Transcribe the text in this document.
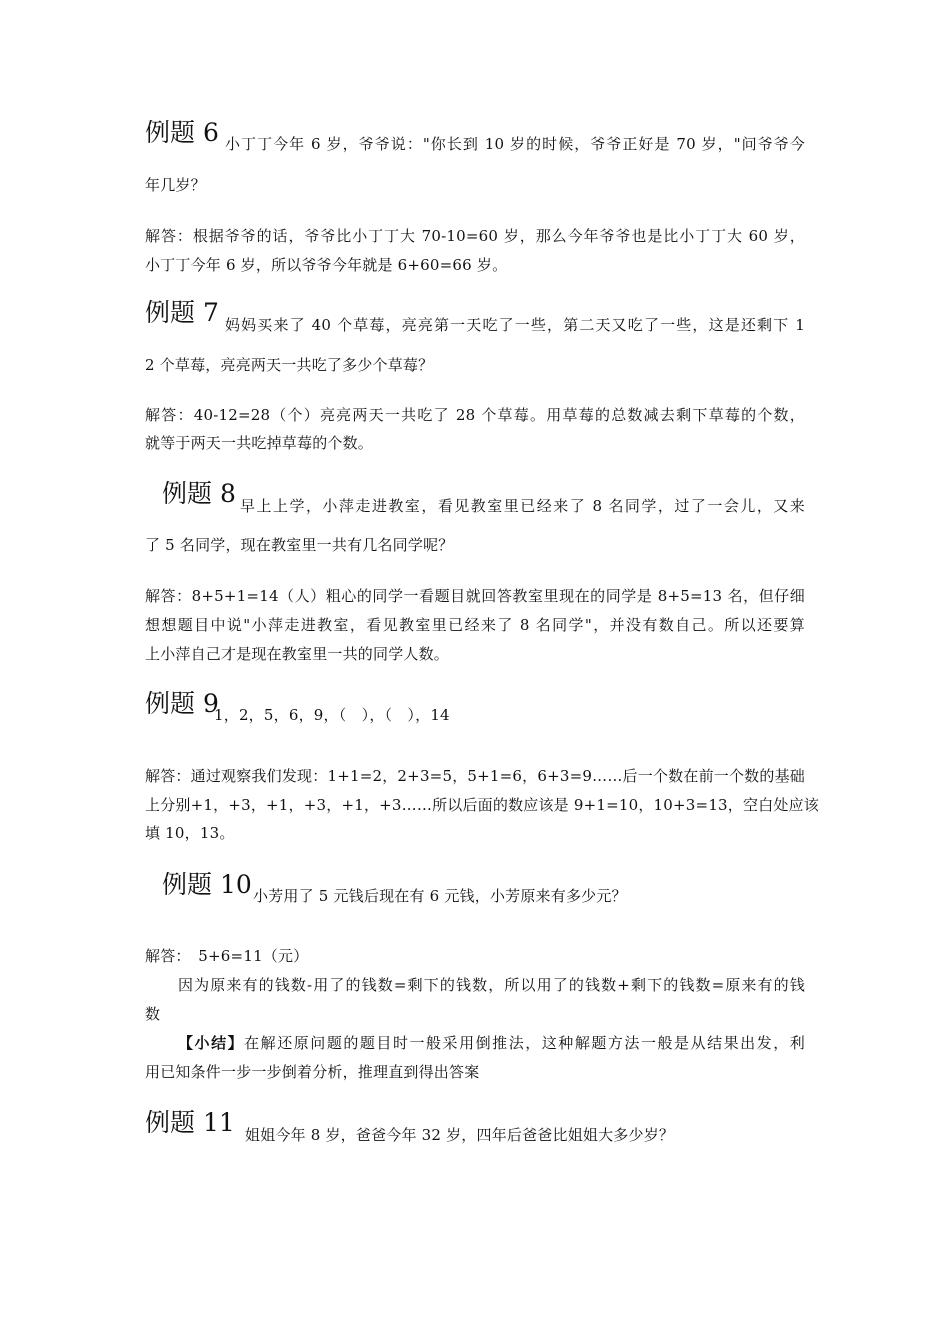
例题 6 小丁丁今年 6 岁，爷爷说："你长到 10 岁的时候，爷爷正好是 70 岁，"问爷爷今
年几岁？
解答：根据爷爷的话，爷爷比小丁丁大 70-10=60 岁，那么今年爷爷也是比小丁丁大 60 岁，
小丁丁今年 6 岁，所以爷爷今年就是 6+60=66 岁。
例题 7 妈妈买来了 40 个草莓，亮亮第一天吃了一些，第二天又吃了一些，这是还剩下 1
2 个草莓，亮亮两天一共吃了多少个草莓？
解答：40-12=28（个）亮亮两天一共吃了 28 个草莓。用草莓的总数减去剩下草莓的个数，
就等于两天一共吃掉草莓的个数。
例题 8 早上上学，小萍走进教室，看见教室里已经来了 8 名同学，过了一会儿，又来
了 5 名同学，现在教室里一共有几名同学呢？
解答：8+5+1=14（人）粗心的同学一看题目就回答教室里现在的同学是 8+5=13 名，但仔细
想想题目中说"小萍走进教室，看见教室里已经来了 8 名同学"，并没有数自己。所以还要算
上小萍自己才是现在教室里一共的同学人数。
例题 9
1，2，5，6，9，（　），（　），14
解答：通过观察我们发现：1+1=2，2+3=5，5+1=6，6+3=9……后一个数在前一个数的基础
上分别+1，+3，+1，+3，+1，+3……所以后面的数应该是 9+1=10，10+3=13，空白处应该
填 10，13。
例题 10 小芳用了 5 元钱后现在有 6 元钱，小芳原来有多少元？
解答：　5+6=11（元）
因为原来有的钱数-用了的钱数=剩下的钱数，所以用了的钱数+剩下的钱数=原来有的钱
数
【小结】在解还原问题的题目时一般采用倒推法，这种解题方法一般是从结果出发，利
用已知条件一步一步倒着分析，推理直到得出答案
例题 11 姐姐今年 8 岁，爸爸今年 32 岁，四年后爸爸比姐姐大多少岁？
